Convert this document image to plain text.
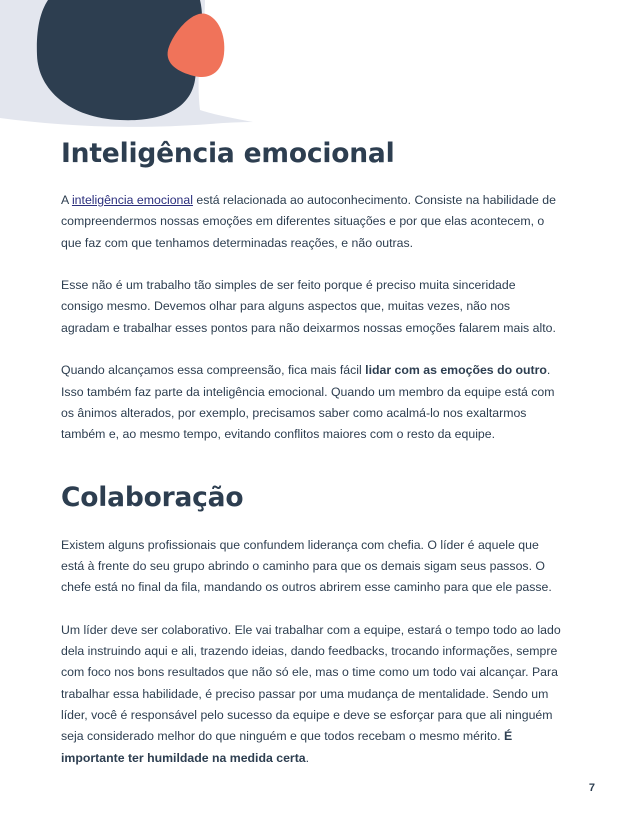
Inteligência emocional

A inteligência emocional está relacionada ao autoconhecimento. Consiste na habilidade de compreendermos nossas emoções em diferentes situações e por que elas acontecem, o que faz com que tenhamos determinadas reações, e não outras.

Esse não é um trabalho tão simples de ser feito porque é preciso muita sinceridade consigo mesmo. Devemos olhar para alguns aspectos que, muitas vezes, não nos agradam e trabalhar esses pontos para não deixarmos nossas emoções falarem mais alto.

Quando alcançamos essa compreensão, fica mais fácil lidar com as emoções do outro. Isso também faz parte da inteligência emocional. Quando um membro da equipe está com os ânimos alterados, por exemplo, precisamos saber como acalmá-lo nos exaltarmos também e, ao mesmo tempo, evitando conflitos maiores com o resto da equipe.

Colaboração

Existem alguns profissionais que confundem liderança com chefia. O líder é aquele que está à frente do seu grupo abrindo o caminho para que os demais sigam seus passos. O chefe está no final da fila, mandando os outros abrirem esse caminho para que ele passe.

Um líder deve ser colaborativo. Ele vai trabalhar com a equipe, estará o tempo todo ao lado dela instruindo aqui e ali, trazendo ideias, dando feedbacks, trocando informações, sempre com foco nos bons resultados que não só ele, mas o time como um todo vai alcançar. Para trabalhar essa habilidade, é preciso passar por uma mudança de mentalidade. Sendo um líder, você é responsável pelo sucesso da equipe e deve se esforçar para que ali ninguém seja considerado melhor do que ninguém e que todos recebam o mesmo mérito. É importante ter humildade na medida certa.

7
